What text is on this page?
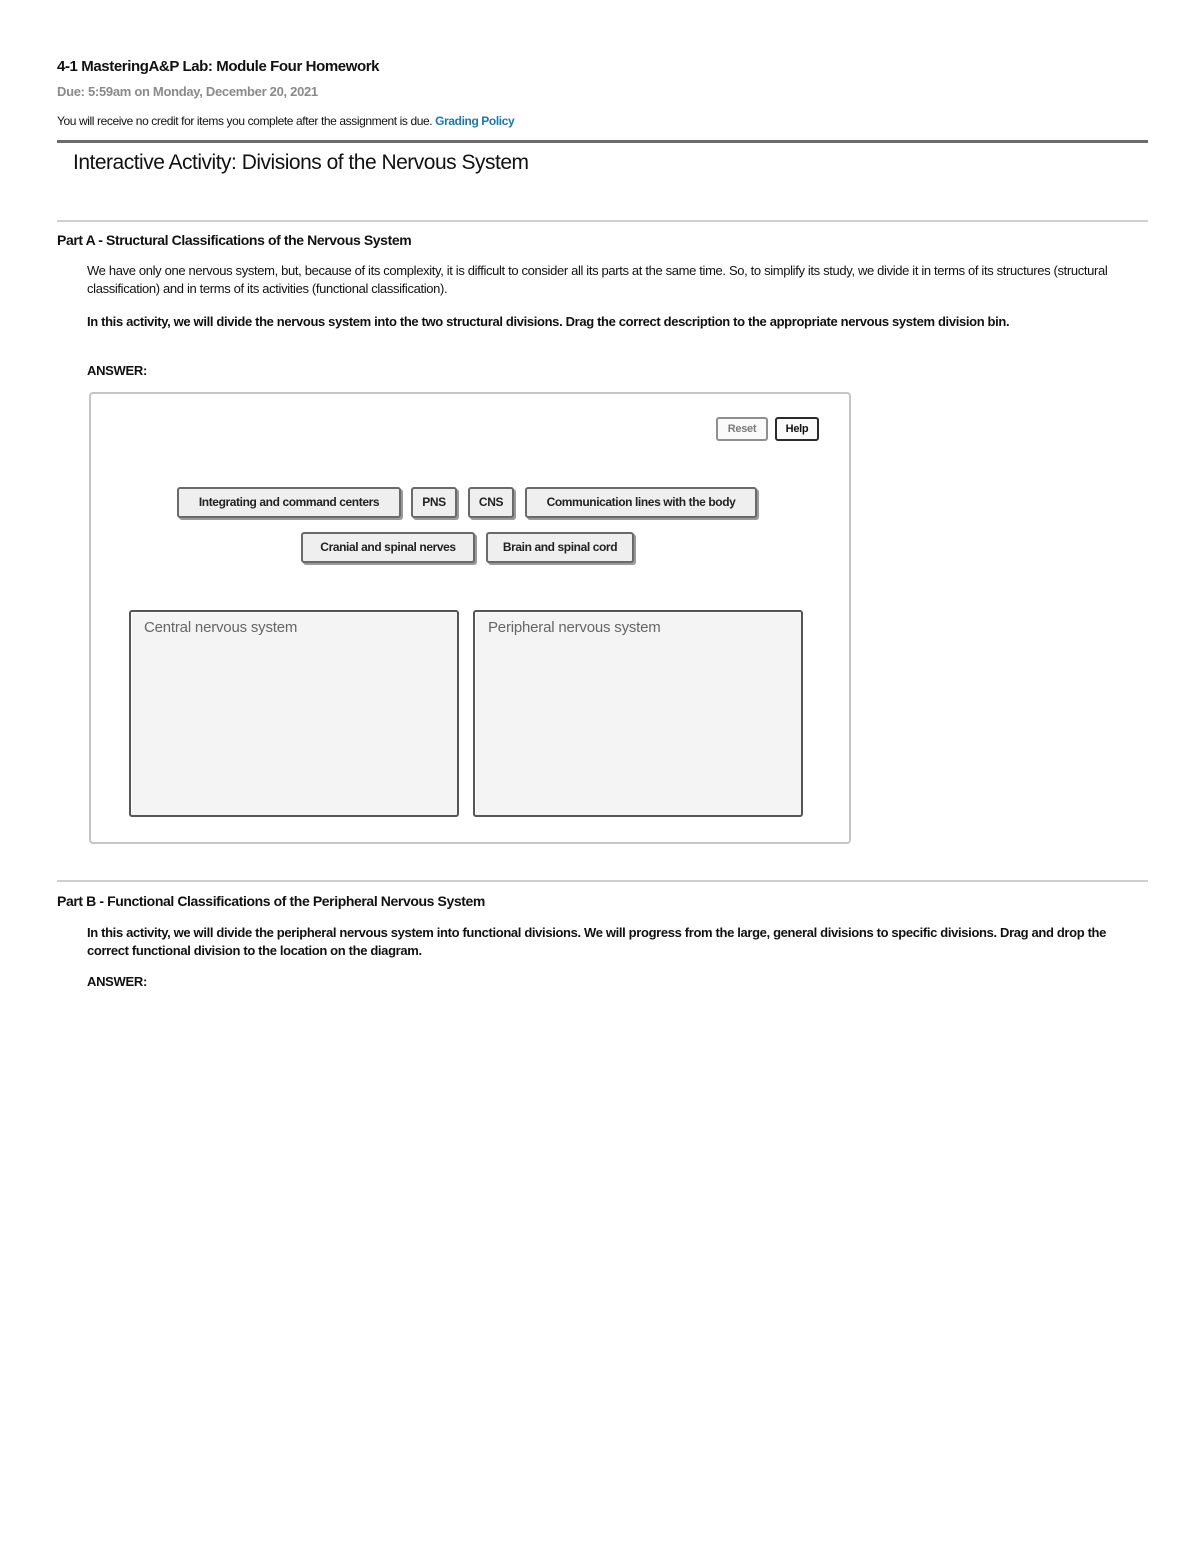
4-1 MasteringA&P Lab: Module Four Homework
Due: 5:59am on Monday, December 20, 2021
You will receive no credit for items you complete after the assignment is due. Grading Policy
Interactive Activity: Divisions of the Nervous System
Part A - Structural Classifications of the Nervous System
We have only one nervous system, but, because of its complexity, it is difficult to consider all its parts at the same time. So, to simplify its study, we divide it in terms of its structures (structural classification) and in terms of its activities (functional classification).
In this activity, we will divide the nervous system into the two structural divisions. Drag the correct description to the appropriate nervous system division bin.
ANSWER:
Reset	Help
Integrating and command centers	PNS	CNS	Communication lines with the body
Cranial and spinal nerves	Brain and spinal cord
Central nervous system	Peripheral nervous system
Part B - Functional Classifications of the Peripheral Nervous System
In this activity, we will divide the peripheral nervous system into functional divisions. We will progress from the large, general divisions to specific divisions. Drag and drop the correct functional division to the location on the diagram.
ANSWER:
